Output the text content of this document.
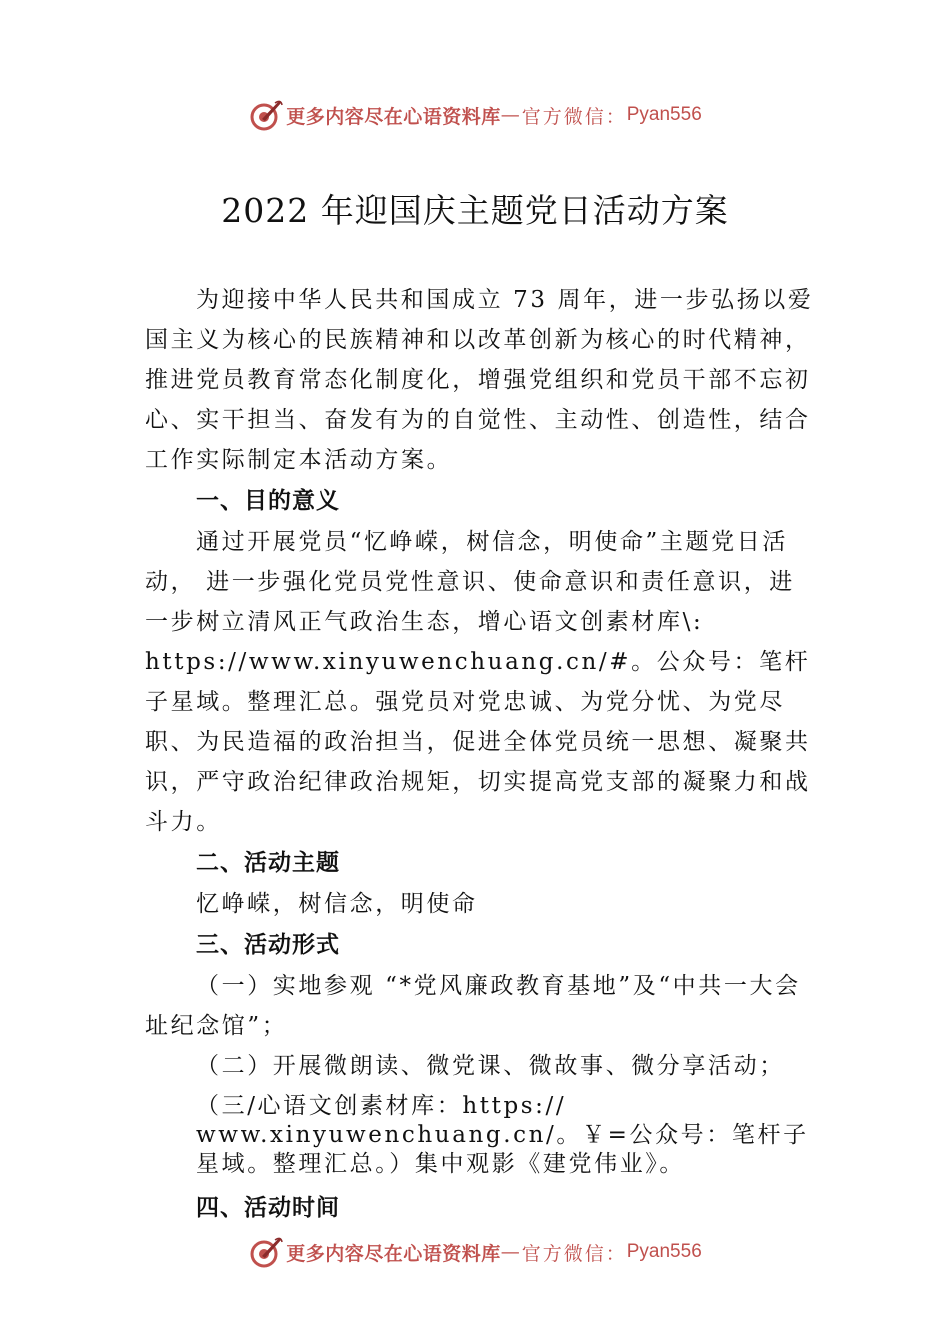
更多内容尽在心语资料库 — 官方微信： Pyan556
2022 年迎国庆主题党日活动方案

为迎接中华人民共和国成立 73 周年，进一步弘扬以爱国主义为核心的民族精神和以改革创新为核心的时代精神， 推进党员教育常态化制度化，增强党组织和党员干部不忘初心、实干担当、奋发有为的自觉性、主动性、创造性，结合工作实际制定本活动方案。

一、目的意义

通过开展党员“忆峥嵘，树信念，明使命”主题党日活动， 进一步强化党员党性意识、使命意识和责任意识，进一步树立清风正气政治生态，增心语文创素材库\: https://www.xinyuwenchuang.cn/#。公众号：笔杆子星域。整理汇总。强党员对党忠诚、为党分忧、为党尽职、为民造福的政治担当，促进全体党员统一思想、凝聚共识，严守政治纪律政治规矩，切实提高党支部的凝聚力和战斗力。

二、活动主题

忆峥嵘，树信念，明使命

三、活动形式

（一）实地参观 “*党风廉政教育基地”及“中共一大会址纪念馆”；

（二）开展微朗读、微党课、微故事、微分享活动；

（三/心语文创素材库：https:// www.xinyuwenchuang.cn/。￥=公众号：笔杆子星域。整理汇总。）集中观影《建党伟业》。

四、活动时间

更多内容尽在心语资料库 — 官方微信： Pyan556
